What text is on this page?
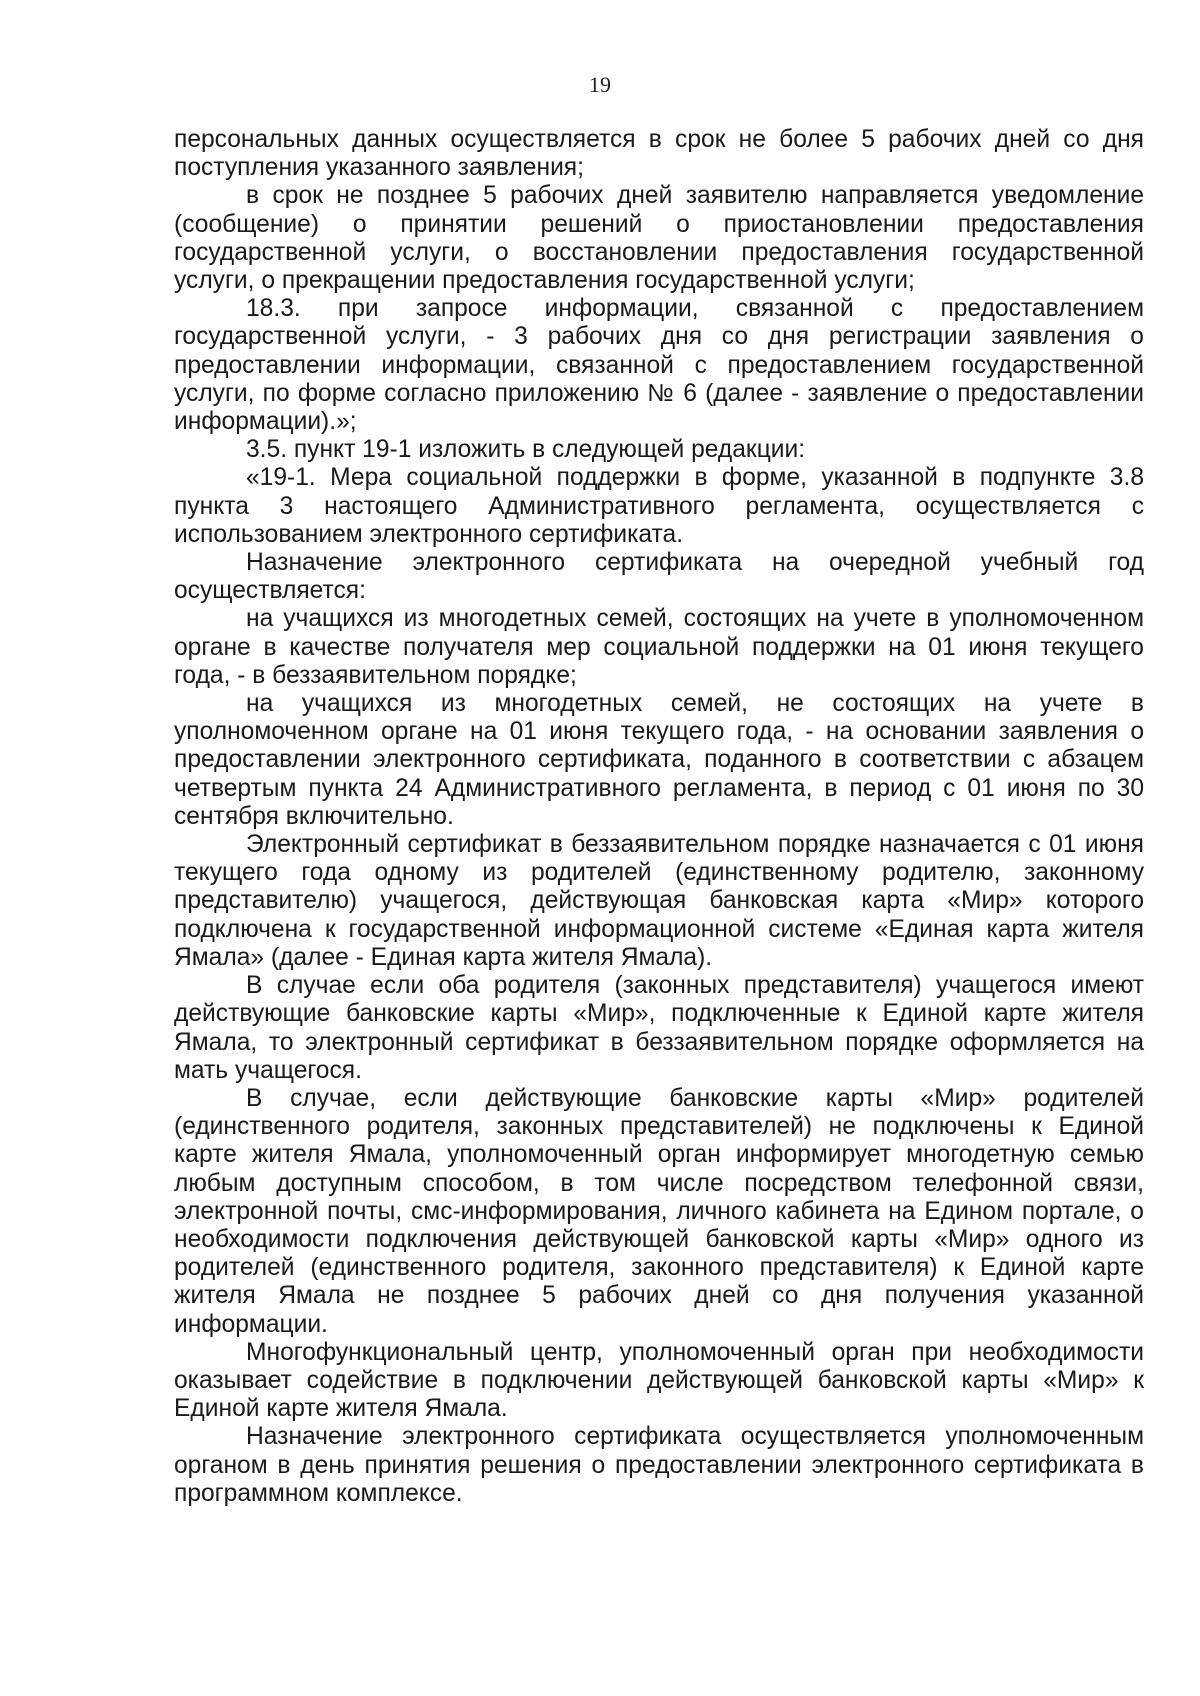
19

персональных данных осуществляется в срок не более 5 рабочих дней со дня поступления указанного заявления;

в срок не позднее 5 рабочих дней заявителю направляется уведомление (сообщение) о принятии решений о приостановлении предоставления государственной услуги, о восстановлении предоставления государственной услуги, о прекращении предоставления государственной услуги;

18.3. при запросе информации, связанной с предоставлением государственной услуги, - 3 рабочих дня со дня регистрации заявления о предоставлении информации, связанной с предоставлением государственной услуги, по форме согласно приложению № 6 (далее - заявление о предоставлении информации).»;

3.5. пункт 19-1 изложить в следующей редакции:

«19-1. Мера социальной поддержки в форме, указанной в подпункте 3.8 пункта 3 настоящего Административного регламента, осуществляется с использованием электронного сертификата.

Назначение электронного сертификата на очередной учебный год осуществляется:

на учащихся из многодетных семей, состоящих на учете в уполномоченном органе в качестве получателя мер социальной поддержки на 01 июня текущего года, - в беззаявительном порядке;

на учащихся из многодетных семей, не состоящих на учете в уполномоченном органе на 01 июня текущего года, - на основании заявления о предоставлении электронного сертификата, поданного в соответствии с абзацем четвертым пункта 24 Административного регламента, в период с 01 июня по 30 сентября включительно.

Электронный сертификат в беззаявительном порядке назначается с 01 июня текущего года одному из родителей (единственному родителю, законному представителю) учащегося, действующая банковская карта «Мир» которого подключена к государственной информационной системе «Единая карта жителя Ямала» (далее - Единая карта жителя Ямала).

В случае если оба родителя (законных представителя) учащегося имеют действующие банковские карты «Мир», подключенные к Единой карте жителя Ямала, то электронный сертификат в беззаявительном порядке оформляется на мать учащегося.

В случае, если действующие банковские карты «Мир» родителей (единственного родителя, законных представителей) не подключены к Единой карте жителя Ямала, уполномоченный орган информирует многодетную семью любым доступным способом, в том числе посредством телефонной связи, электронной почты, смс-информирования, личного кабинета на Едином портале, о необходимости подключения действующей банковской карты «Мир» одного из родителей (единственного родителя, законного представителя) к Единой карте жителя Ямала не позднее 5 рабочих дней со дня получения указанной информации.

Многофункциональный центр, уполномоченный орган при необходимости оказывает содействие в подключении действующей банковской карты «Мир» к Единой карте жителя Ямала.

Назначение электронного сертификата осуществляется уполномоченным органом в день принятия решения о предоставлении электронного сертификата в программном комплексе.
